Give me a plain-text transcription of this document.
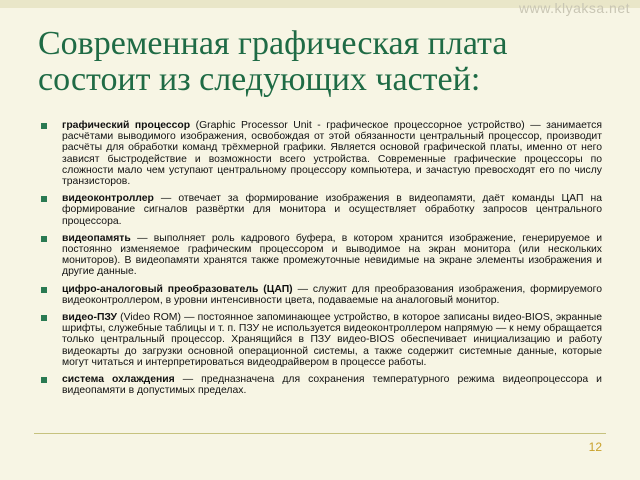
www.klyaksa.net
Современная графическая плата состоит из следующих частей:
графический процессор (Graphic Processor Unit - графическое процессорное устройство) — занимается расчётами выводимого изображения, освобождая от этой обязанности центральный процессор, производит расчёты для обработки команд трёхмерной графики. Является основой графической платы, именно от него зависят быстродействие и возможности всего устройства. Современные графические процессоры по сложности мало чем уступают центральному процессору компьютера, и зачастую превосходят его по числу транзисторов.
видеоконтроллер — отвечает за формирование изображения в видеопамяти, даёт команды ЦАП на формирование сигналов развёртки для монитора и осуществляет обработку запросов центрального процессора.
видеопамять — выполняет роль кадрового буфера, в котором хранится изображение, генерируемое и постоянно изменяемое графическим процессором и выводимое на экран монитора (или нескольких мониторов). В видеопамяти хранятся также промежуточные невидимые на экране элементы изображения и другие данные.
цифро-аналоговый преобразователь (ЦАП) — служит для преобразования изображения, формируемого видеоконтроллером, в уровни интенсивности цвета, подаваемые на аналоговый монитор.
видео-ПЗУ (Video ROM) — постоянное запоминающее устройство, в которое записаны видео-BIOS, экранные шрифты, служебные таблицы и т. п. ПЗУ не используется видеоконтроллером напрямую — к нему обращается только центральный процессор. Хранящийся в ПЗУ видео-BIOS обеспечивает инициализацию и работу видеокарты до загрузки основной операционной системы, а также содержит системные данные, которые могут читаться и интерпретироваться видеодрайвером в процессе работы.
система охлаждения — предназначена для сохранения температурного режима видеопроцессора и видеопамяти в допустимых пределах.
12
